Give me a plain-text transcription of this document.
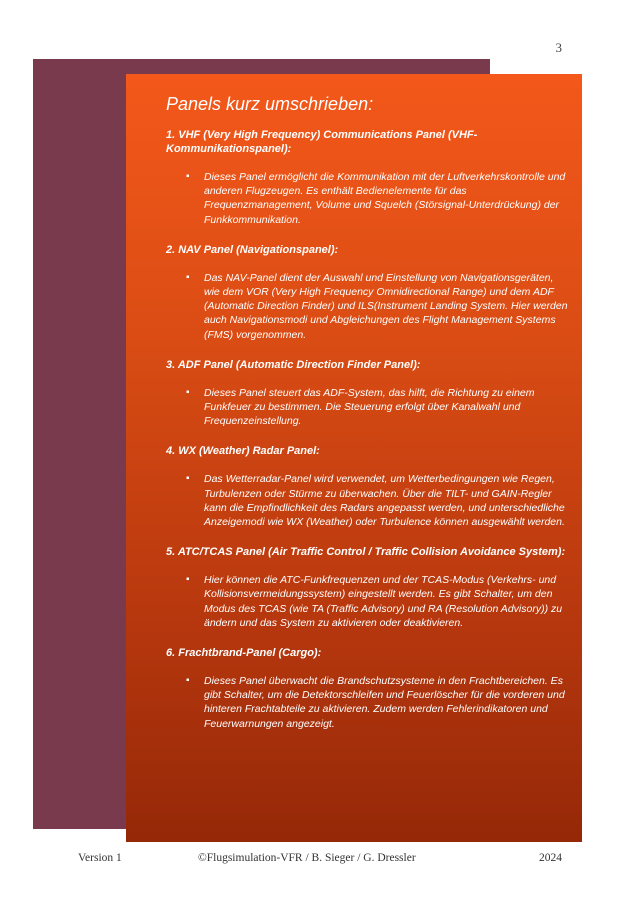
3
Panels kurz umschrieben:
1. VHF (Very High Frequency) Communications Panel (VHF-Kommunikationspanel):
▪ Dieses Panel ermöglicht die Kommunikation mit der Luftverkehrskontrolle und anderen Flugzeugen. Es enthält Bedienelemente für das Frequenzmanagement, Volume und Squelch (Störsignal-Unterdrückung) der Funkkommunikation.
2. NAV Panel (Navigationspanel):
▪ Das NAV-Panel dient der Auswahl und Einstellung von Navigationsgeräten, wie dem VOR (Very High Frequency Omnidirectional Range) und dem ADF (Automatic Direction Finder) und ILS(Instrument Landing System. Hier werden auch Navigationsmodi und Abgleichungen des Flight Management Systems (FMS) vorgenommen.
3. ADF Panel (Automatic Direction Finder Panel):
▪ Dieses Panel steuert das ADF-System, das hilft, die Richtung zu einem Funkfeuer zu bestimmen. Die Steuerung erfolgt über Kanalwahl und Frequenzeinstellung.
4. WX (Weather) Radar Panel:
▪ Das Wetterradar-Panel wird verwendet, um Wetterbedingungen wie Regen, Turbulenzen oder Stürme zu überwachen. Über die TILT- und GAIN-Regler kann die Empfindlichkeit des Radars angepasst werden, und unterschiedliche Anzeigemodi wie WX (Weather) oder Turbulence können ausgewählt werden.
5. ATC/TCAS Panel (Air Traffic Control / Traffic Collision Avoidance System):
▪ Hier können die ATC-Funkfrequenzen und der TCAS-Modus (Verkehrs- und Kollisionsvermeidungssystem) eingestellt werden. Es gibt Schalter, um den Modus des TCAS (wie TA (Traffic Advisory) und RA (Resolution Advisory)) zu ändern und das System zu aktivieren oder deaktivieren.
6. Frachtbrand-Panel (Cargo):
▪ Dieses Panel überwacht die Brandschutzsysteme in den Frachtbereichen. Es gibt Schalter, um die Detektorschleifen und Feuerlöscher für die vorderen und hinteren Frachtabteile zu aktivieren. Zudem werden Fehlerindikatoren und Feuerwarnungen angezeigt.
Version 1	©Flugsimulation-VFR / B. Sieger / G. Dressler	2024
